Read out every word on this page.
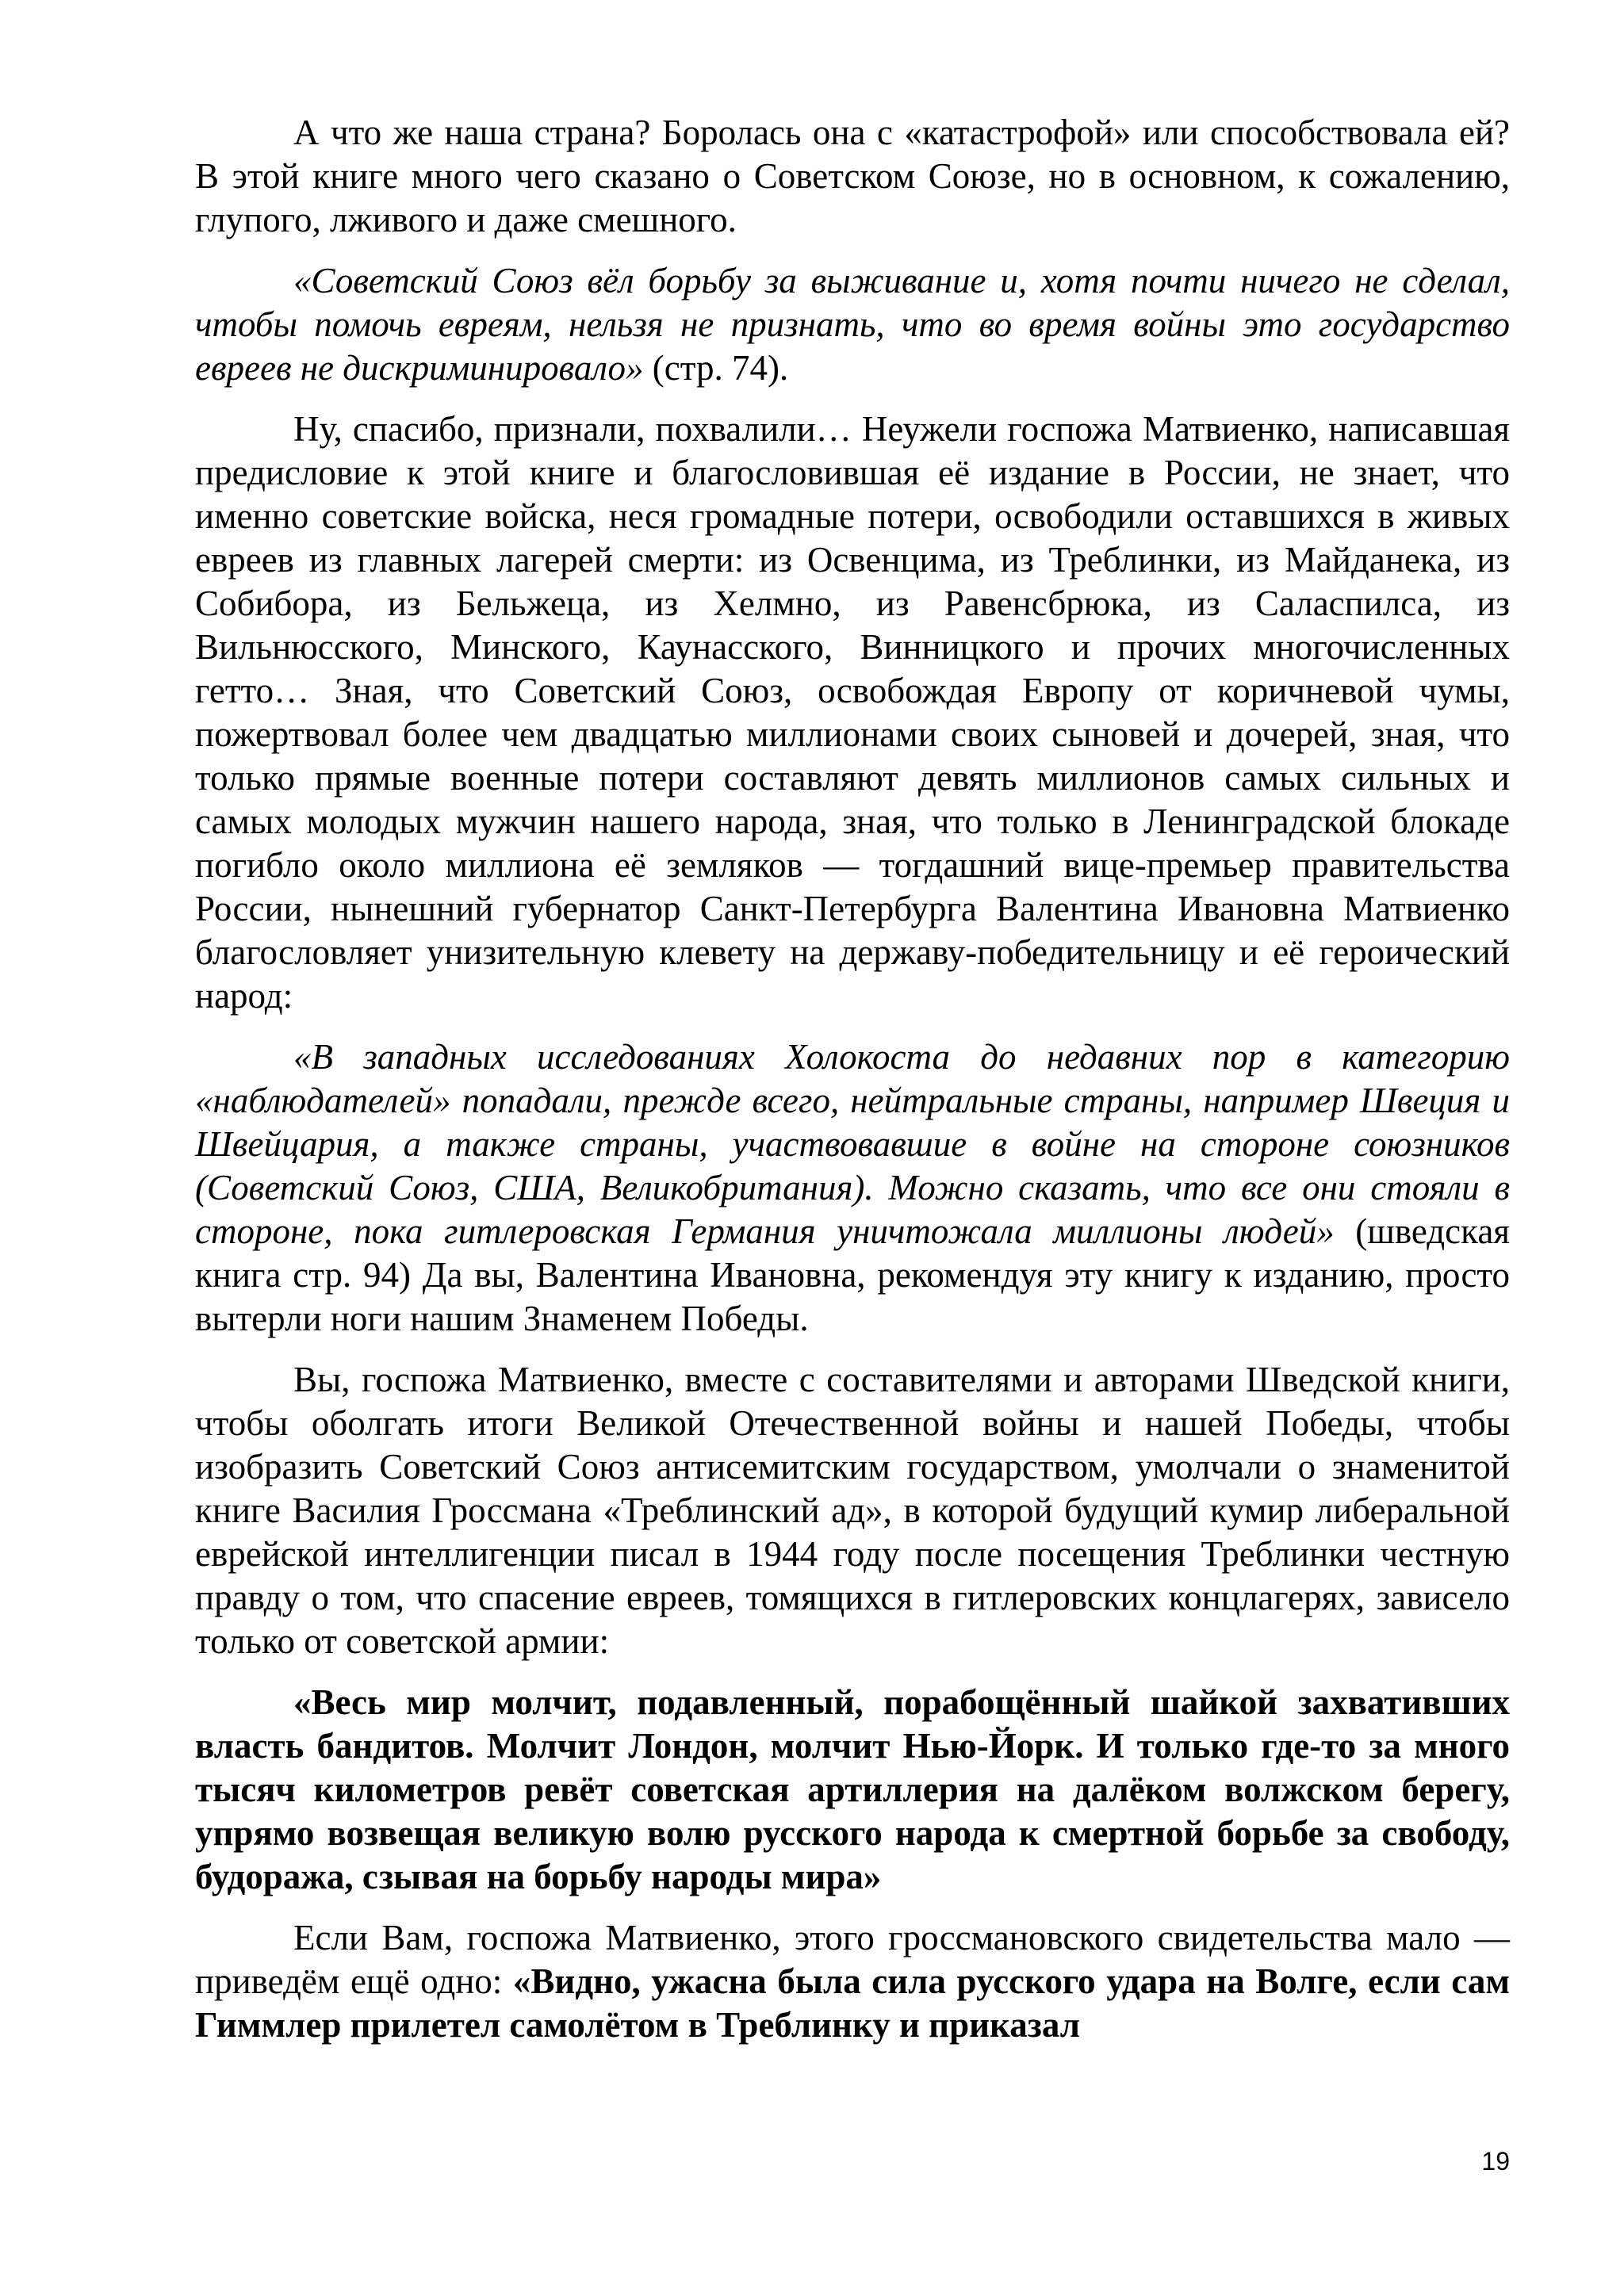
А что же наша страна? Боролась она с «катастрофой» или способствовала ей? В этой книге много чего сказано о Советском Союзе, но в основном, к сожалению, глупого, лживого и даже смешного.

«Советский Союз вёл борьбу за выживание и, хотя почти ничего не сделал, чтобы помочь евреям, нельзя не признать, что во время войны это государство евреев не дискриминировало» (стр. 74).

Ну, спасибо, признали, похвалили… Неужели госпожа Матвиенко, написавшая предисловие к этой книге и благословившая её издание в России, не знает, что именно советские войска, неся громадные потери, освободили оставшихся в живых евреев из главных лагерей смерти: из Освенцима, из Треблинки, из Майданека, из Собибора, из Бельжеца, из Хелмно, из Равенсбрюка, из Саласпилса, из Вильнюсского, Минского, Каунасского, Винницкого и прочих многочисленных гетто… Зная, что Советский Союз, освобождая Европу от коричневой чумы, пожертвовал более чем двадцатью миллионами своих сыновей и дочерей, зная, что только прямые военные потери составляют девять миллионов самых сильных и самых молодых мужчин нашего народа, зная, что только в Ленинградской блокаде погибло около миллиона её земляков — тогдашний вице-премьер правительства России, нынешний губернатор Санкт-Петербурга Валентина Ивановна Матвиенко благословляет унизительную клевету на державу-победительницу и её героический народ:

«В западных исследованиях Холокоста до недавних пор в категорию «наблюдателей» попадали, прежде всего, нейтральные страны, например Швеция и Швейцария, а также страны, участвовавшие в войне на стороне союзников (Советский Союз, США, Великобритания). Можно сказать, что все они стояли в стороне, пока гитлеровская Германия уничтожала миллионы людей» (шведская книга стр. 94) Да вы, Валентина Ивановна, рекомендуя эту книгу к изданию, просто вытерли ноги нашим Знаменем Победы.

Вы, госпожа Матвиенко, вместе с составителями и авторами Шведской книги, чтобы оболгать итоги Великой Отечественной войны и нашей Победы, чтобы изобразить Советский Союз антисемитским государством, умолчали о знаменитой книге Василия Гроссмана «Треблинский ад», в которой будущий кумир либеральной еврейской интеллигенции писал в 1944 году после посещения Треблинки честную правду о том, что спасение евреев, томящихся в гитлеровских концлагерях, зависело только от советской армии:

«Весь мир молчит, подавленный, порабощённый шайкой захвативших власть бандитов. Молчит Лондон, молчит Нью-Йорк. И только где-то за много тысяч километров ревёт советская артиллерия на далёком волжском берегу, упрямо возвещая великую волю русского народа к смертной борьбе за свободу, будоража, сзывая на борьбу народы мира»

Если Вам, госпожа Матвиенко, этого гроссмановского свидетельства мало — приведём ещё одно: «Видно, ужасна была сила русского удара на Волге, если сам Гиммлер прилетел самолётом в Треблинку и приказал

19
